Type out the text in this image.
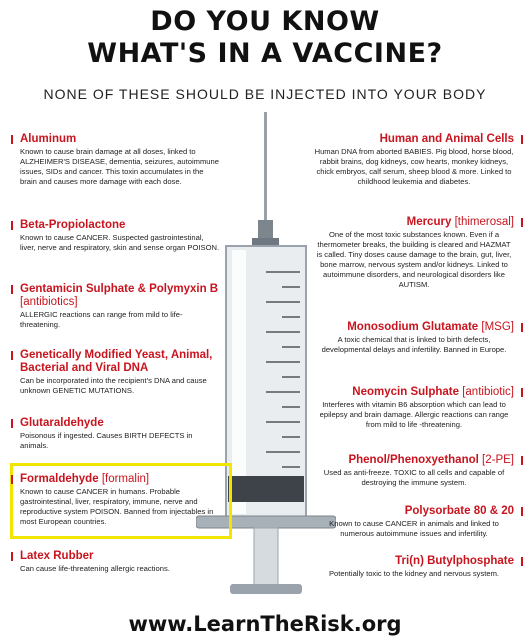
DO YOU KNOW
WHAT'S IN A VACCINE?
NONE OF THESE SHOULD BE INJECTED INTO YOUR BODY
Aluminum
Known to cause brain damage at all doses, linked to ALZHEIMER'S DISEASE, dementia, seizures, autoimmune issues, SIDs and cancer. This toxin accumulates in the brain and causes more damage with each dose.
Beta-Propiolactone
Known to cause CANCER. Suspected gastrointestinal, liver, nerve and respiratory, skin and sense organ POISON.
Gentamicin Sulphate & Polymyxin B [antibiotics]
ALLERGIC reactions can range from mild to life-threatening.
Genetically Modified Yeast, Animal, Bacterial and Viral DNA
Can be incorporated into the recipient's DNA and cause unknown GENETIC MUTATIONS.
Glutaraldehyde
Poisonous if ingested. Causes BIRTH DEFECTS in animals.
Formaldehyde [formalin]
Known to cause CANCER in humans. Probable gastrointestinal, liver, respiratory, immune, nerve and reproductive system POISON. Banned from injectables in most European countries.
Latex Rubber
Can cause life-threatening allergic reactions.
Human and Animal Cells
Human DNA from aborted BABIES. Pig blood, horse blood, rabbit brains, dog kidneys, cow hearts, monkey kidneys, chick embryos, calf serum, sheep blood & more. Linked to childhood leukemia and diabetes.
Mercury [thimerosal]
One of the most toxic substances known. Even if a thermometer breaks, the building is cleared and HAZMAT is called. Tiny doses cause damage to the brain, gut, liver, bone marrow, nervous system and/or kidneys. Linked to autoimmune disorders, and neurological disorders like AUTISM.
Monosodium Glutamate [MSG]
A toxic chemical that is linked to birth defects, developmental delays and infertility. Banned in Europe.
Neomycin Sulphate [antibiotic]
Interferes with vitamin B6 absorption which can lead to epilepsy and brain damage. Allergic reactions can range from mild to life -threatening.
Phenol/Phenoxyethanol [2-PE]
Used as anti-freeze. TOXIC to all cells and capable of destroying the immune system.
Polysorbate 80 & 20
Known to cause CANCER in animals and linked to numerous autoimmune issues and infertility.
Tri(n) Butylphosphate
Potentially toxic to the kidney and nervous system.
www.LearnTheRisk.org
